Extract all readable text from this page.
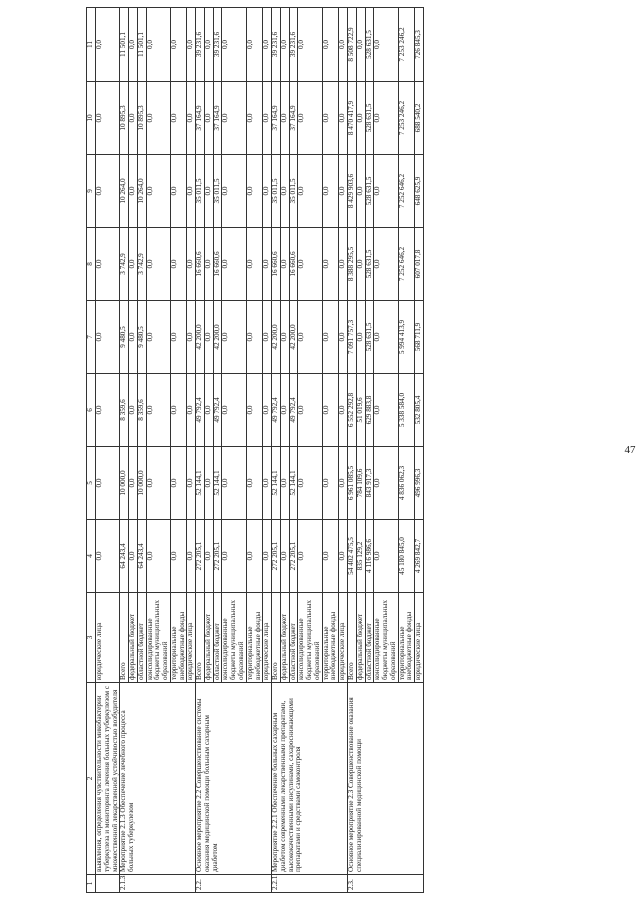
47
1	2	3	4	5	6	7	8	9	10	11
	выявления, определения чувствительности микобактерии туберкулеза и мониторинга лечения больных туберкулезом с множественной лекарственной устойчивостью возбудителя	юридические лица	0,0	0,0	0,0	0,0	0,0	0,0	0,0	0,0
2.1.3.	Мероприятие 2.1.3 Обеспечение лечебного процесса больных туберкулезом	Всего	64 243,4	10 000,0	8 359,6	9 480,5	3 742,9	10 264,0	10 895,3	11 501,1
		федеральный бюджет	0,0	0,0	0,0	0,0	0,0	0,0	0,0	0,0
		областной бюджет	64 243,4	10 000,0	8 359,6	9 480,5	3 742,9	10 264,0	10 895,3	11 501,1
		консолидированные бюджеты муниципальных образований	0,0	0,0	0,0	0,0	0,0	0,0	0,0	0,0
		территориальные внебюджетные фонды	0,0	0,0	0,0	0,0	0,0	0,0	0,0	0,0
		юридические лица	0,0	0,0	0,0	0,0	0,0	0,0	0,0	0,0
2.2.	Основное мероприятие 2.2 Совершенствование системы оказания медицинской помощи больным сахарным диабетом	Всего	272 205,1	52 144,1	49 792,4	42 200,0	16 660,6	35 011,5	37 164,9	39 231,6
		федеральный бюджет	0,0	0,0	0,0	0,0	0,0	0,0	0,0	0,0
		областной бюджет	272 205,1	52 144,1	49 792,4	42 200,0	16 660,6	35 011,5	37 164,9	39 231,6
		консолидированные бюджеты муниципальных образований	0,0	0,0	0,0	0,0	0,0	0,0	0,0	0,0
		территориальные внебюджетные фонды	0,0	0,0	0,0	0,0	0,0	0,0	0,0	0,0
		юридические лица	0,0	0,0	0,0	0,0	0,0	0,0	0,0	0,0
2.2.1.	Мероприятие 2.2.1 Обеспечение больных сахарным диабетом современными лекарственными препаратами, высококачественными инсулинами, сахароснижающими препаратами и средствами самоконтроля	Всего	272 205,1	52 144,1	49 792,4	42 200,0	16 660,6	35 011,5	37 164,9	39 231,6
		федеральный бюджет	0,0	0,0	0,0	0,0	0,0	0,0	0,0	0,0
		областной бюджет	272 205,1	52 144,1	49 792,4	42 200,0	16 660,6	35 011,5	37 164,9	39 231,6
		консолидированные бюджеты муниципальных образований	0,0	0,0	0,0	0,0	0,0	0,0	0,0	0,0
		территориальные внебюджетные фонды	0,0	0,0	0,0	0,0	0,0	0,0	0,0	0,0
		юридические лица	0,0	0,0	0,0	0,0	0,0	0,0	0,0	0,0
2.3.	Основное мероприятие 2.3 Совершенствование оказания специализированной медицинской помощи	Всего	54 402 475,5	6 961 085,5	6 552 292,8	7 091 757,3	8 388 295,5	8 429 903,6	8 470 417,9	8 508 722,9
		федеральный бюджет	835 129,2	784 109,6	51 019,6	0,0	0,0	0,0	0,0	0,0
		областной бюджет	4 116 986,6	843 917,3	629 883,8	528 631,5	528 631,5	528 631,5	528 631,5	528 631,5
		консолидированные бюджеты муниципальных образований	0,0	0,0	0,0	0,0	0,0	0,0	0,0	0,0
		территориальные внебюджетные фонды	45 180 845,0	4 836 062,3	5 338 584,0	5 994 413,9	7 252 646,2	7 252 646,2	7 253 246,2	7 253 246,2
		юридические лица	4 269 842,7	496 996,3	532 805,4	568 711,9	607 017,8	648 625,9	688 540,2	726 845,3
